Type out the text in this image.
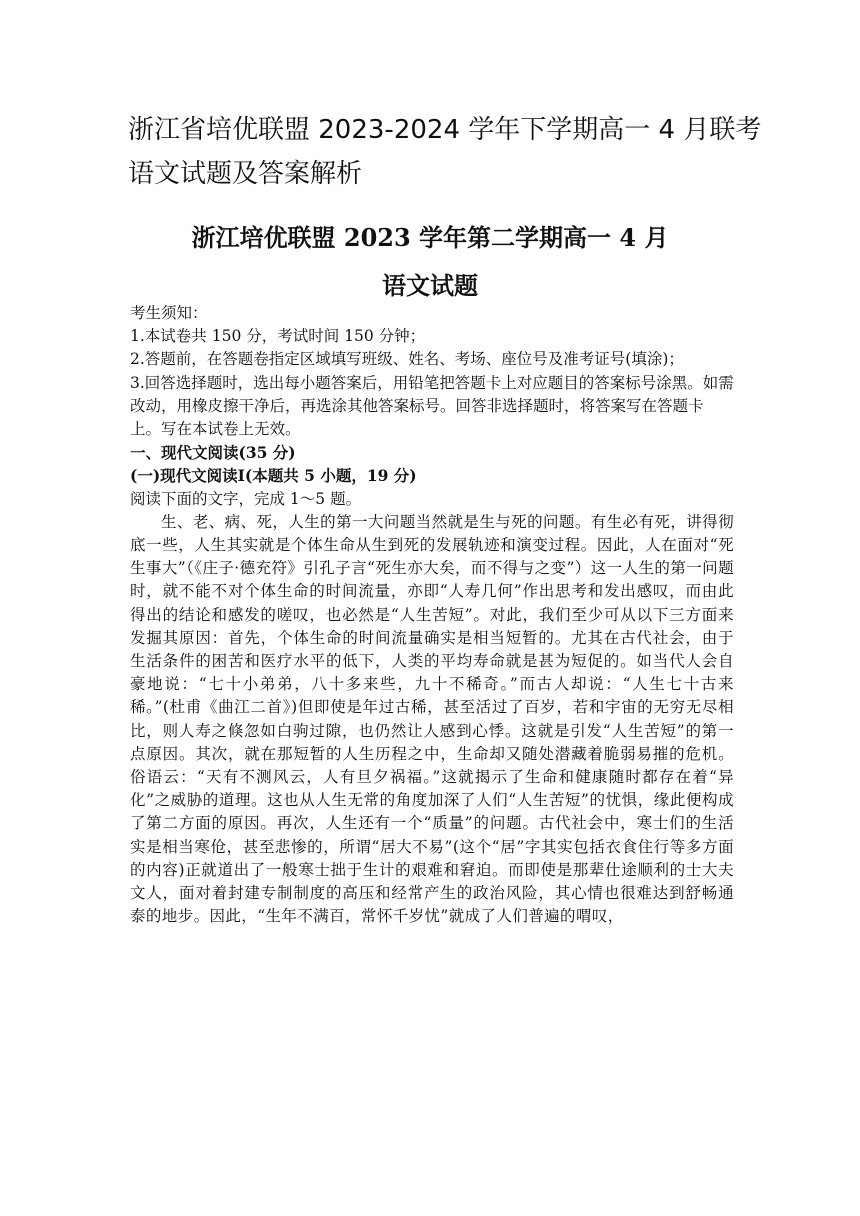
浙江省培优联盟 2023-2024 学年下学期高一 4 月联考
语文试题及答案解析
浙江培优联盟 2023 学年第二学期高一 4 月
语文试题

考生须知：

1.本试卷共 150 分，考试时间 150 分钟；

2.答题前，在答题卷指定区域填写班级、姓名、考场、座位号及准考证号(填涂)；

3.回答选择题时，选出每小题答案后，用铅笔把答题卡上对应题目的答案标号涂黑。如需改动，用橡皮擦干净后，再选涂其他答案标号。回答非选择题时，将答案写在答题卡上。写在本试卷上无效。

一、现代文阅读(35 分)

(一)现代文阅读Ⅰ(本题共 5 小题，19 分)

阅读下面的文字，完成 1～5 题。

生、老、病、死，人生的第一大问题当然就是生与死的问题。有生必有死，讲得彻底一些，人生其实就是个体生命从生到死的发展轨迹和演变过程。因此，人在面对“死生事大”（《庄子·德充符》引孔子言“死生亦大矣，而不得与之变”）这一人生的第一问题时，就不能不对个体生命的时间流量，亦即“人寿几何”作出思考和发出感叹，而由此得出的结论和感发的嗟叹，也必然是“人生苦短”。对此，我们至少可从以下三方面来发掘其原因：首先，个体生命的时间流量确实是相当短暂的。尤其在古代社会，由于生活条件的困苦和医疗水平的低下，人类的平均寿命就是甚为短促的。如当代人会自豪地说：“七十小弟弟，八十多来些，九十不稀奇。”而古人却说：“人生七十古来稀。”(杜甫《曲江二首》)但即使是年过古稀，甚至活过了百岁，若和宇宙的无穷无尽相比，则人寿之倏忽如白驹过隙，也仍然让人感到心悸。这就是引发“人生苦短”的第一点原因。其次，就在那短暂的人生历程之中，生命却又随处潜藏着脆弱易摧的危机。俗语云：“天有不测风云，人有旦夕祸福。”这就揭示了生命和健康随时都存在着“异化”之威胁的道理。这也从人生无常的角度加深了人们“人生苦短”的忧惧，缘此便构成了第二方面的原因。再次，人生还有一个“质量”的问题。古代社会中，寒士们的生活实是相当寒伧，甚至悲惨的，所谓“居大不易”(这个“居”字其实包括衣食住行等多方面的内容)正就道出了一般寒士拙于生计的艰难和窘迫。而即使是那辈仕途顺利的士大夫文人，面对着封建专制制度的高压和经常产生的政治风险，其心情也很难达到舒畅通泰的地步。因此，“生年不满百，常怀千岁忧”就成了人们普遍的喟叹，
